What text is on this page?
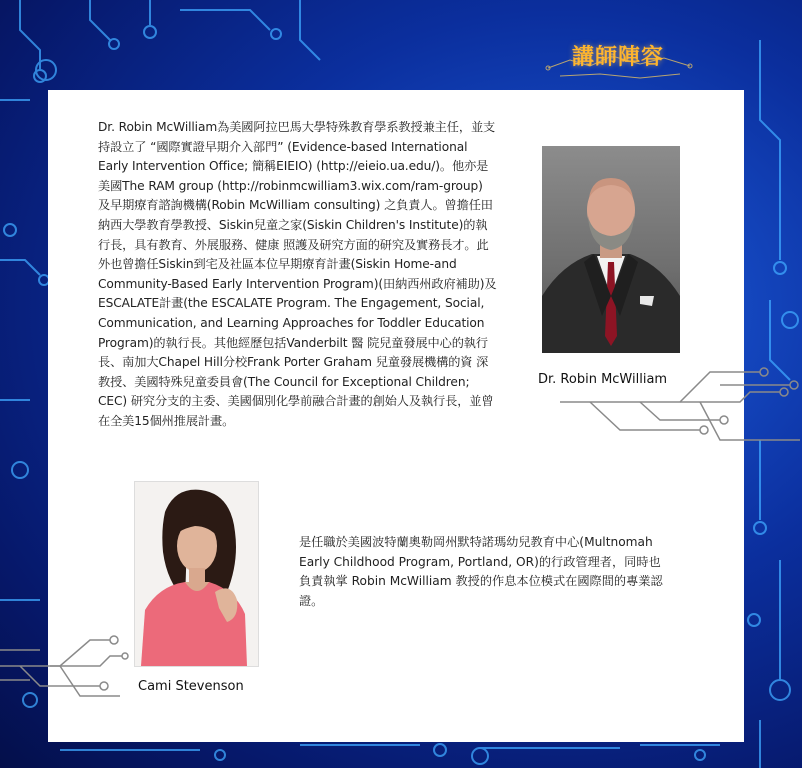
講師陣容
Dr. Robin McWilliam為美國阿拉巴馬大學特殊教育學系教授兼主任，並支持設立了 “國際實證早期介入部門” (Evidence-based International Early Intervention Office; 簡稱EIEIO) (http://eieio.ua.edu/)。他亦是美國The RAM group (http://robinmcwilliam3.wix.com/ram-group) 及早期療育諮詢機構(Robin McWilliam consulting) 之負責人。曾擔任田納西大學教育學教授、Siskin兒童之家(Siskin Children's Institute)的執行長，具有教育、外展服務、健康 照護及研究方面的研究及實務長才。此外也曾擔任Siskin到宅及社區本位早期療育計畫(Siskin Home-and Community-Based Early Intervention Program)(田納西州政府補助)及 ESCALATE計畫(the ESCALATE Program. The Engagement, Social, Communication, and Learning Approaches for Toddler Education Program)的執行長。其他經歷包括Vanderbilt 醫 院兒童發展中心的執行長、南加大Chapel Hill分校Frank Porter Graham 兒童發展機構的資 深教授、美國特殊兒童委員會(The Council for Exceptional Children; CEC) 研究分支的主委、美國個別化學前融合計畫的創始人及執行長，並曾在全美15個州推展計畫。
Dr. Robin McWilliam
Cami Stevenson
是任職於美國波特蘭奧勒岡州默特諾瑪幼兒教育中心(Multnomah Early Childhood Program, Portland, OR)的行政管理者，同時也負責執掌 Robin McWilliam 教授的作息本位模式在國際間的專業認證。
